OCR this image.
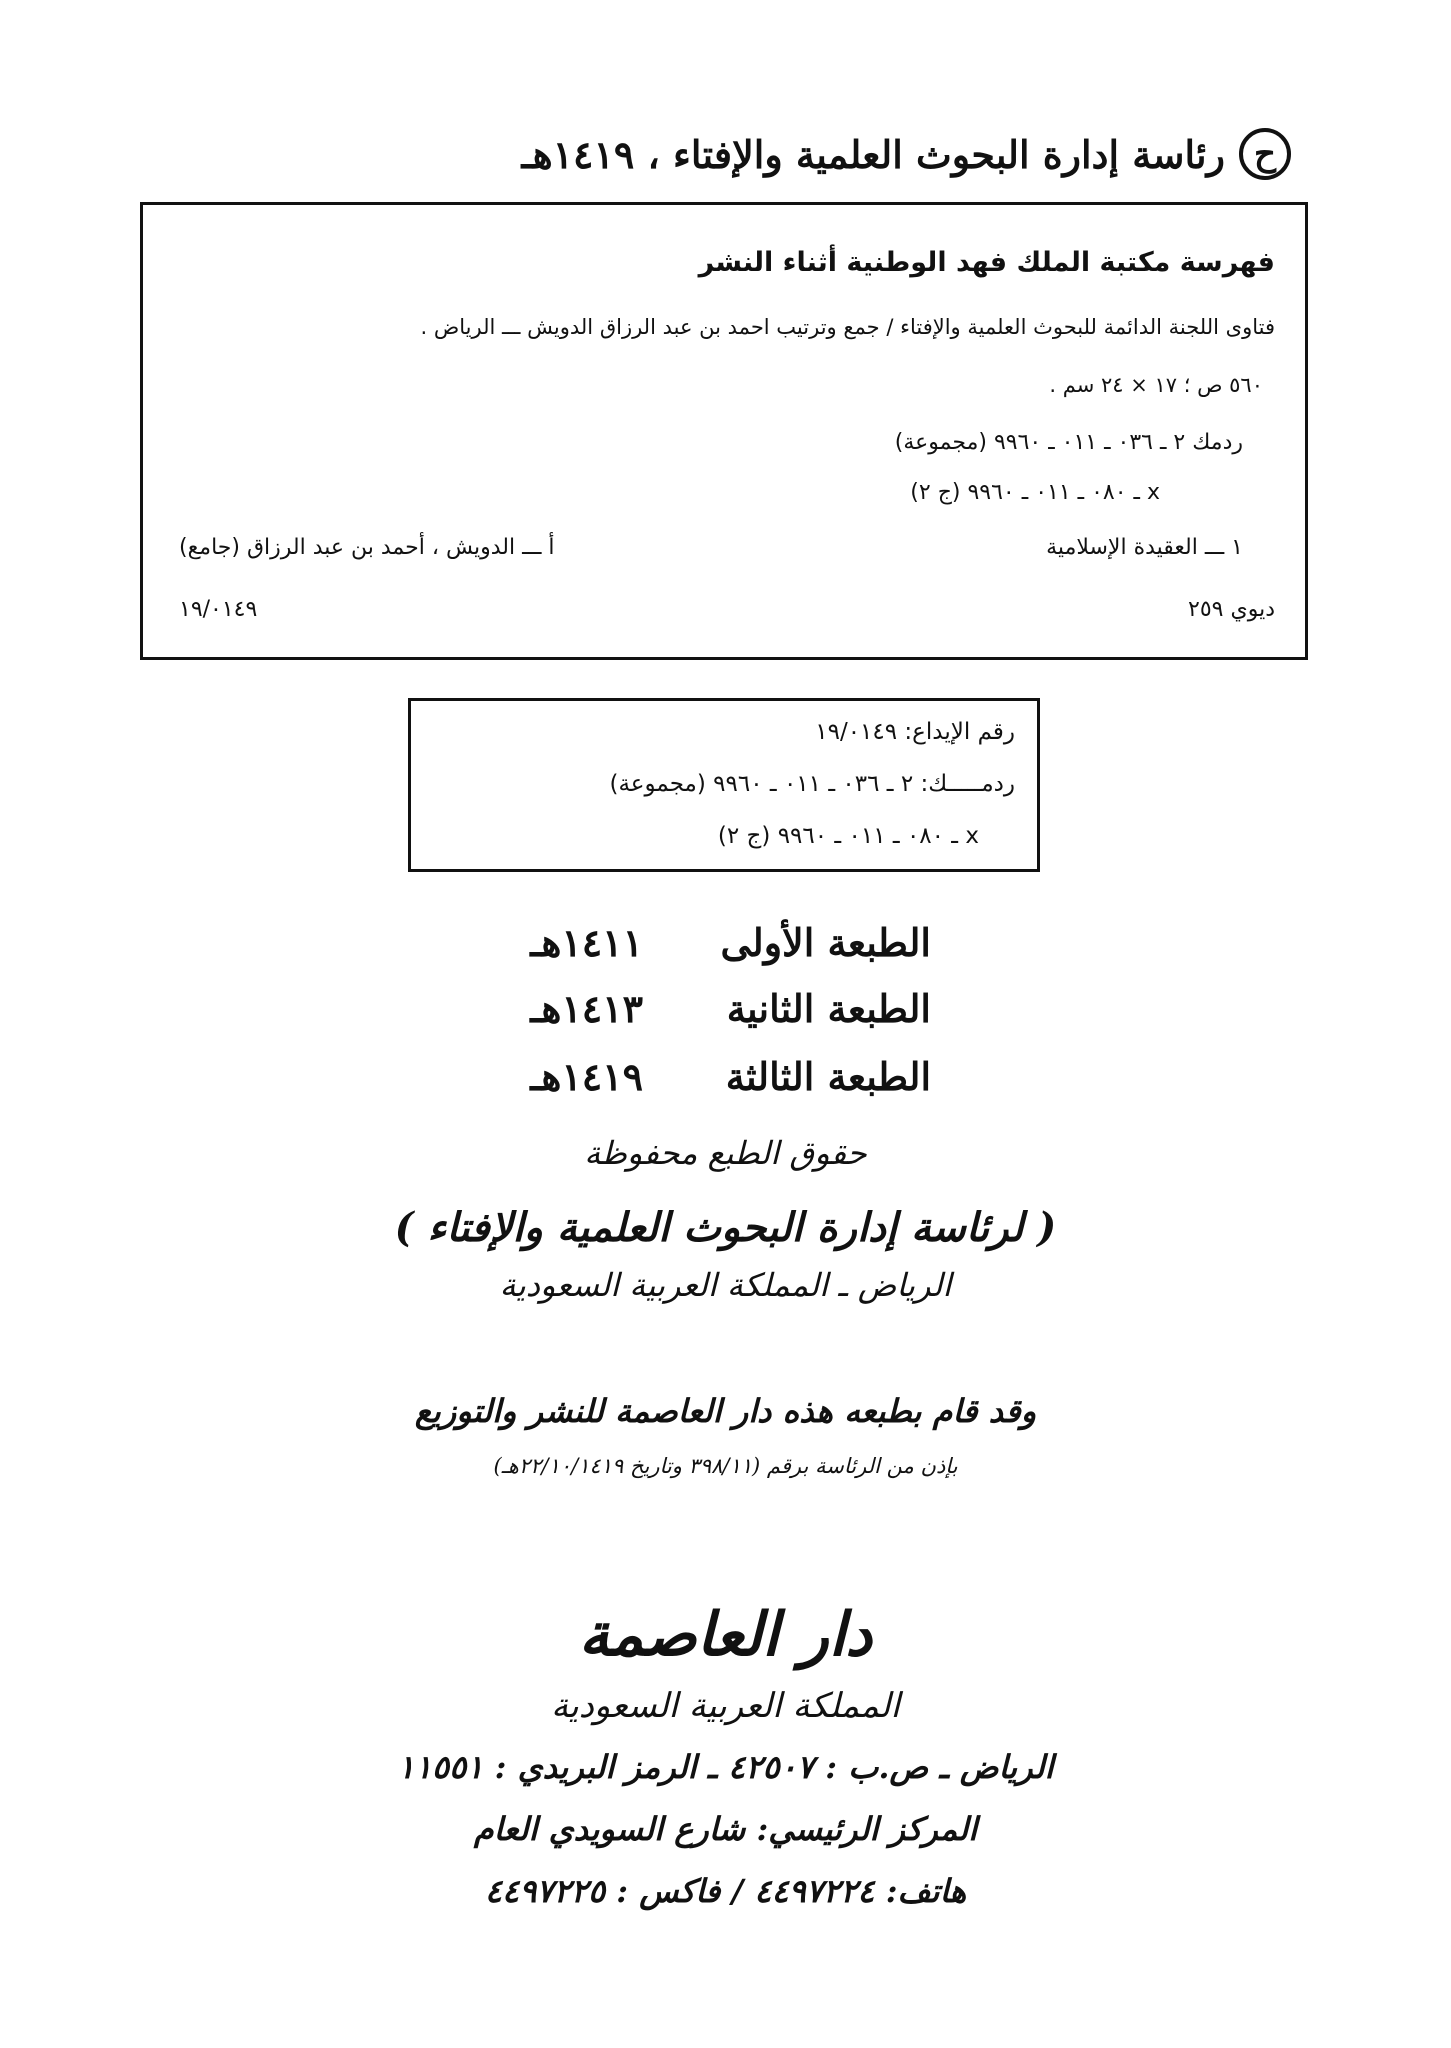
ح
رئاسة إدارة البحوث العلمية والإفتاء ، ١٤١٩هـ
فهرسة مكتبة الملك فهد الوطنية أثناء النشر
فتاوى اللجنة الدائمة للبحوث العلمية والإفتاء / جمع وترتيب احمد بن عبد الرزاق الدويش ـــ الرياض .
٥٦٠ ص ؛ ١٧ × ٢٤ سم .
ردمك ٢ ـ ٠٣٦ ـ ٠١١ ـ ٩٩٦٠ (مجموعة)
x ـ ٠٨٠ ـ ٠١١ ـ ٩٩٦٠ (ج ٢)
١ ـــ العقيدة الإسلامية
أ ـــ الدويش ، أحمد بن عبد الرزاق (جامع)
ديوي ٢٥٩
١٩/٠١٤٩
رقم الإيداع: ١٩/٠١٤٩
ردمـــــك: ٢ ـ ٠٣٦ ـ ٠١١ ـ ٩٩٦٠ (مجموعة)
x ـ ٠٨٠ ـ ٠١١ ـ ٩٩٦٠ (ج ٢)
الطبعة الأولى١٤١١هـ
الطبعة الثانية١٤١٣هـ
الطبعة الثالثة١٤١٩هـ
حقوق الطبع محفوظة
( لرئاسة إدارة البحوث العلمية والإفتاء )
الرياض ـ المملكة العربية السعودية
وقد قام بطبعه هذه دار العاصمة للنشر والتوزيع
بإذن من الرئاسة برقم (٣٩٨/١١ وتاريخ ٢٢/١٠/١٤١٩هـ)
دار العاصمة
المملكة العربية السعودية
الرياض ـ ص.ب : ٤٢٥٠٧ ـ الرمز البريدي : ١١٥٥١
المركز الرئيسي: شارع السويدي العام
هاتف: ٤٤٩٧٢٢٤ / فاكس : ٤٤٩٧٢٢٥
